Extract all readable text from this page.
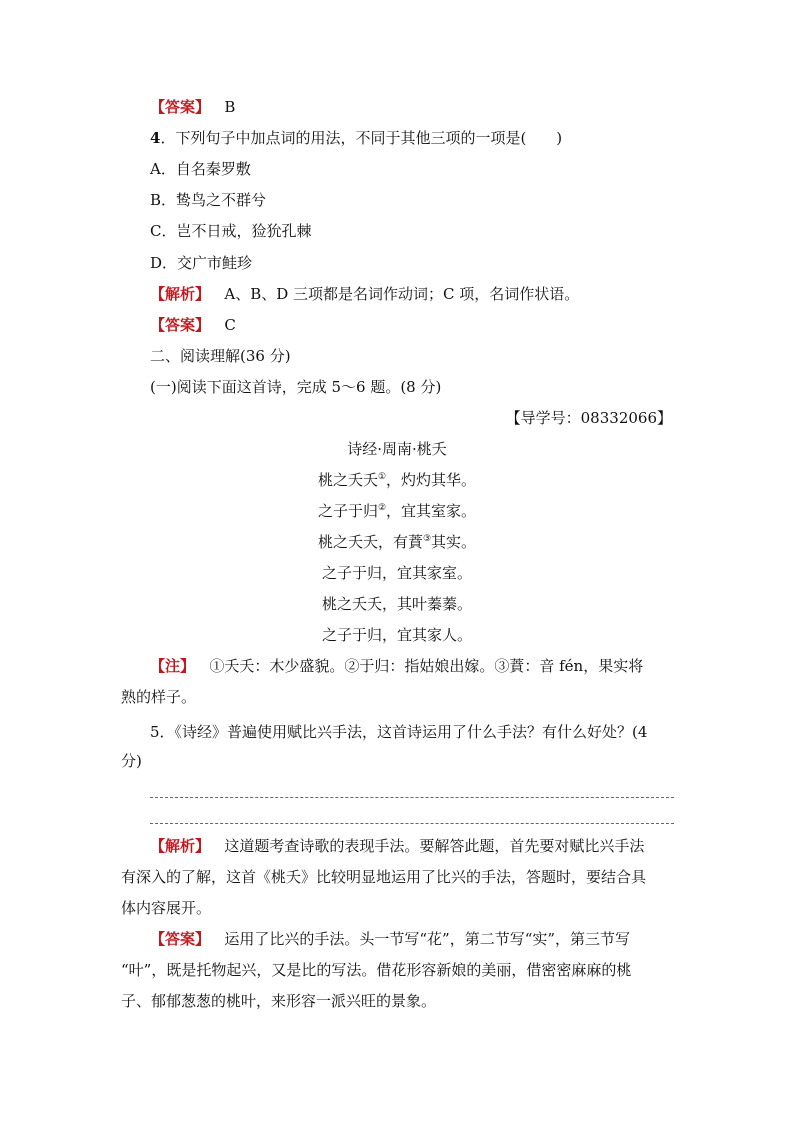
【答案】 B
4．下列句子中加点词的用法，不同于其他三项的一项是(　　)
A．自名秦罗敷
B．鸷鸟之不群兮
C．岂不日戒，猃狁孔棘
D．交广市鲑珍
【解析】 A、B、D 三项都是名词作动词；C 项，名词作状语。
【答案】 C
二、阅读理解(36 分)
(一)阅读下面这首诗，完成 5～6 题。(8 分)
【导学号：08332066】
诗经·周南·桃夭
桃之夭夭①，灼灼其华。
之子于归②，宜其室家。
桃之夭夭，有蕡③其实。
之子于归，宜其家室。
桃之夭夭，其叶蓁蓁。
之子于归，宜其家人。
【注】 ①夭夭：木少盛貌。②于归：指姑娘出嫁。③蕡：音 fén，果实将
熟的样子。
5．《诗经》普遍使用赋比兴手法，这首诗运用了什么手法？有什么好处？(4
分)
【解析】 这道题考查诗歌的表现手法。要解答此题，首先要对赋比兴手法
有深入的了解，这首《桃夭》比较明显地运用了比兴的手法，答题时，要结合具
体内容展开。
【答案】 运用了比兴的手法。头一节写“花”，第二节写“实”，第三节写
“叶”，既是托物起兴，又是比的写法。借花形容新娘的美丽，借密密麻麻的桃
子、郁郁葱葱的桃叶，来形容一派兴旺的景象。
